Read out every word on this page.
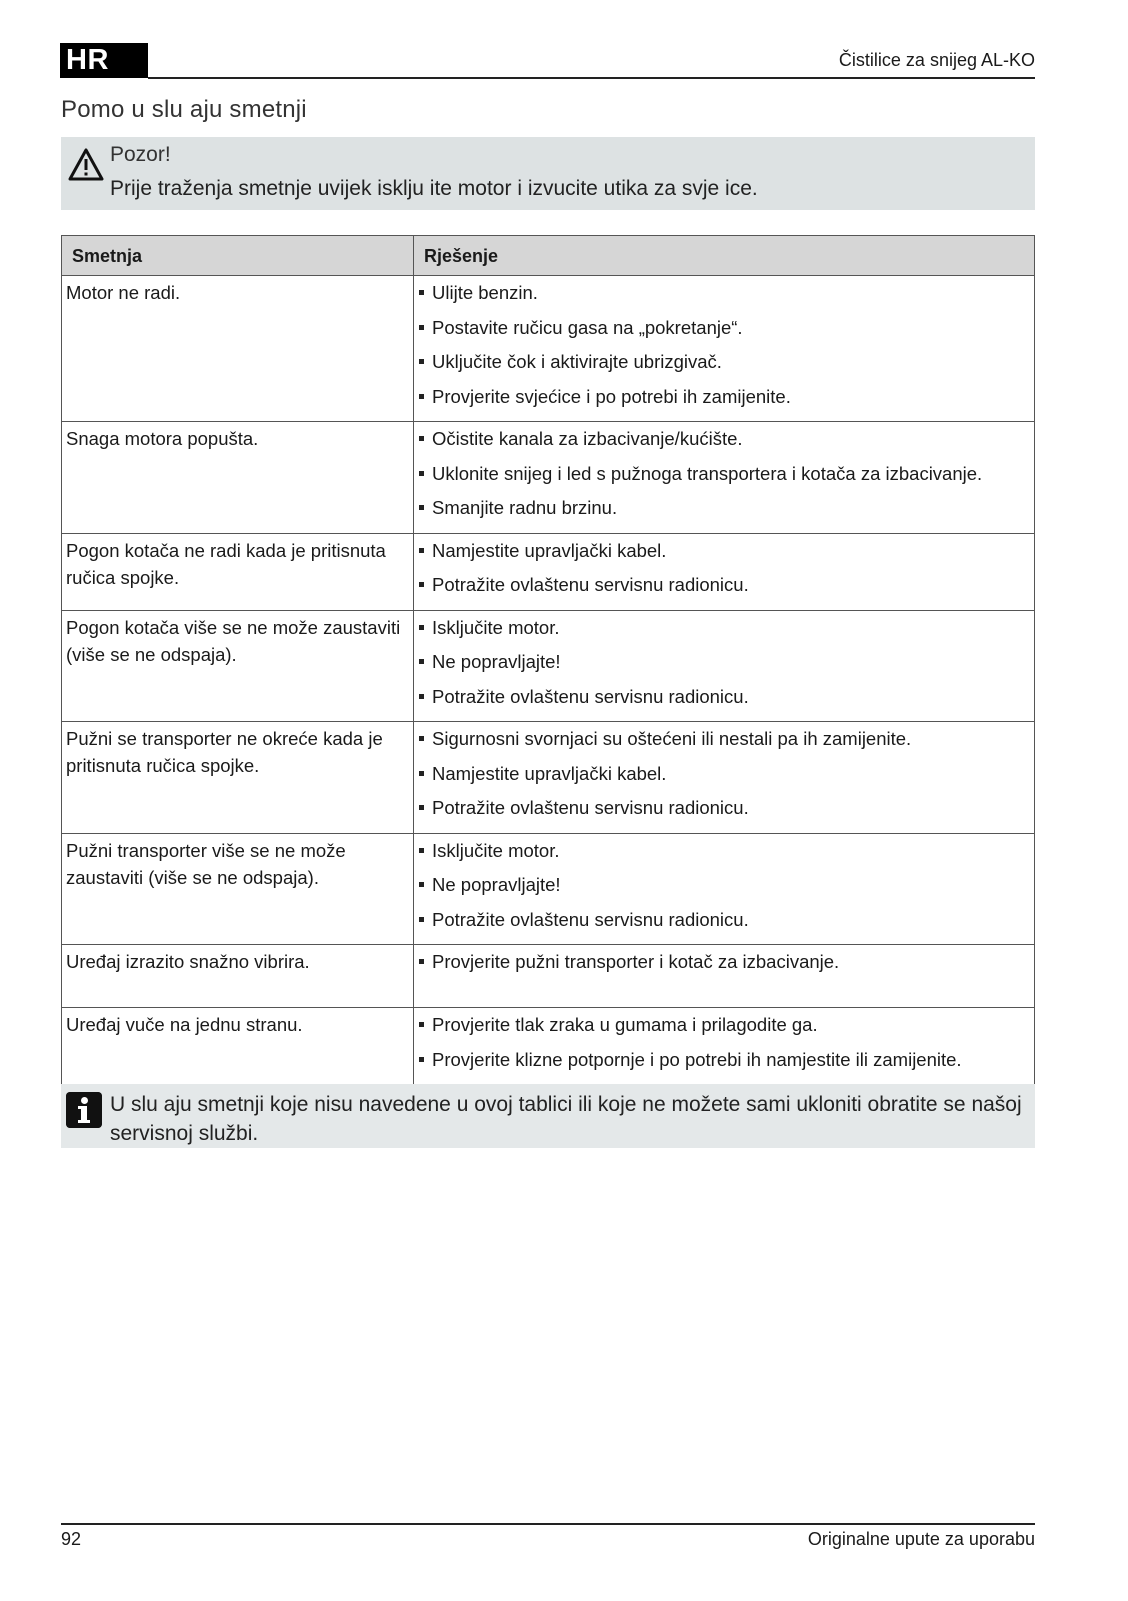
HR	Čistilice za snijeg AL-KO
Pomo u slu aju smetnji
Pozor!
Prije traženja smetnje uvijek isklju ite motor i izvucite utika za svje ice.
Smetnja	Rješenje
Motor ne radi.	Ulijte benzin.
Postavite ručicu gasa na „pokretanje“.
Uključite čok i aktivirajte ubrizgivač.
Provjerite svjećice i po potrebi ih zamijenite.

Snaga motora popušta.	Očistite kanala za izbacivanje/kućište.
Uklonite snijeg i led s pužnoga transportera i kotača za izbacivanje.
Smanjite radnu brzinu.

Pogon kotača ne radi kada je pritisnuta ručica spojke.	Namjestite upravljački kabel.
Potražite ovlaštenu servisnu radionicu.

Pogon kotača više se ne može zaustaviti (više se ne odspaja).	Isključite motor.
Ne popravljajte!
Potražite ovlaštenu servisnu radionicu.

Pužni se transporter ne okreće kada je pritisnuta ručica spojke.	Sigurnosni svornjaci su oštećeni ili nestali pa ih zamijenite.
Namjestite upravljački kabel.
Potražite ovlaštenu servisnu radionicu.

Pužni transporter više se ne može zaustaviti (više se ne odspaja).	Isključite motor.
Ne popravljajte!
Potražite ovlaštenu servisnu radionicu.

Uređaj izrazito snažno vibrira.	Provjerite pužni transporter i kotač za izbacivanje.

Uređaj vuče na jednu stranu.	Provjerite tlak zraka u gumama i prilagodite ga.
Provjerite klizne potpornje i po potrebi ih namjestite ili zamijenite.
U slu aju smetnji koje nisu navedene u ovoj tablici ili koje ne možete sami ukloniti obratite se našoj servisnoj službi.
92	Originalne upute za uporabu
